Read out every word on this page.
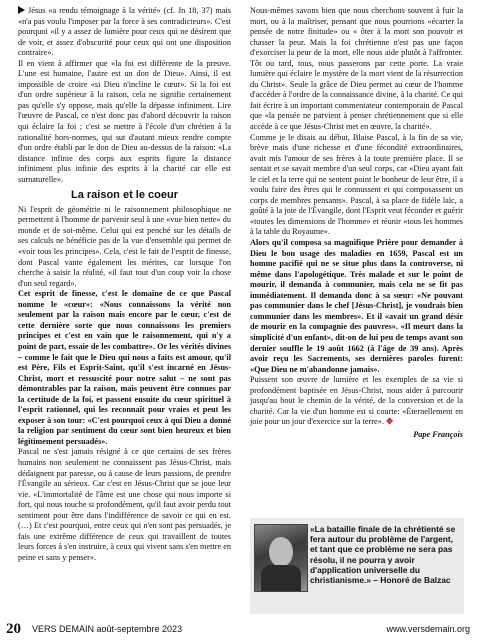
Jésus «a rendu témoignage à la vérité» (cf. Jn 18, 37) mais «n'a pas voulu l'imposer par la force à ses contradicteurs». C'est pourquoi «il y a assez de lumière pour ceux qui ne désirent que de voir, et assez d'obscurité pour ceux qui ont une disposition contraire».

Il en vient à affirmer que «la foi est différente de la preuve. L'une est humaine, l'autre est un don de Dieu». Ainsi, il est impossible de croire «si Dieu n'incline le cœur». Si la foi est d'un ordre supérieur à la raison, cela ne signifie certainement pas qu'elle s'y oppose, mais qu'elle la dépasse infiniment. Lire l'œuvre de Pascal, ce n'est donc pas d'abord découvrir la raison qui éclaire la foi ; c'est se mettre à l'école d'un chrétien à la rationalité hors-normes, qui sut d'autant mieux rendre compte d'un ordre établi par le don de Dieu au-dessus de la raison: «La distance infinie des corps aux esprits figure la distance infiniment plus infinie des esprits à la charité car elle est surnaturelle».

La raison et le coeur

Ni l'esprit de géométrie ni le raisonnement philosophique ne permettent à l'homme de parvenir seul à une «vue bien nette» du monde et de soi-même. Celui qui est penché sur les détails de ses calculs ne bénéficie pas de la vue d'ensemble qui permet de «voir tous les principes». Cela, c'est le fait de l'esprit de finesse, dont Pascal vante également les mérites, car lorsque l'on cherche à saisir la réalité, «il faut tout d'un coup voir la chose d'un seul regard».

Cet esprit de finesse, c'est le domaine de ce que Pascal nomme le «cœur»: «Nous connaissons la vérité non seulement par la raison mais encore par le cœur, c'est de cette dernière sorte que nous connaissons les premiers principes et c'est en vain que le raisonnement, qui n'y a point de part, essaie de les combattre». Or les vérités divines – comme le fait que le Dieu qui nous a faits est amour, qu'il est Père, Fils et Esprit-Saint, qu'il s'est incarné en Jésus-Christ, mort et ressuscité pour notre salut – ne sont pas démontrables par la raison, mais peuvent être connues par la certitude de la foi, et passent ensuite du cœur spirituel à l'esprit rationnel, qui les reconnaît pour vraies et peut les exposer à son tour: «C'est pourquoi ceux à qui Dieu a donné la religion par sentiment du cœur sont bien heureux et bien légitimement persuadés».

Pascal ne s'est jamais résigné à ce que certains de ses frères humains non seulement ne connaissent pas Jésus-Christ, mais dédaignent par paresse, ou à cause de leurs passions, de prendre l'Évangile au sérieux. Car c'est en Jésus-Christ que se joue leur vie. «L'immortalité de l'âme est une chose qui nous importe si fort, qui nous touche si profondément, qu'il faut avoir perdu tout sentiment pour être dans l'indifférence de savoir ce qui en est. (…) Et c'est pourquoi, entre ceux qui n'en sont pas persuadés, je fais une extrême différence de ceux qui travaillent de toutes leurs forces à s'en instruire, à ceux qui vivent sans s'en mettre en peine et sans y penser».

Nous-mêmes savons bien que nous cherchons souvent à fuir la mort, ou à la maîtriser, pensant que nous pourrions «écarter la pensée de notre finitude» ou « ôter à la mort son pouvoir et chasser la peur. Mais la foi chrétienne n'est pas une façon d'exorciser la peur de la mort, elle nous aide plutôt à l'affronter. Tôt ou tard, tous, nous passerons par cette porte. La vraie lumière qui éclaire le mystère de la mort vient de la résurrection du Christ». Seule la grâce de Dieu permet au cœur de l'homme d'accéder à l'ordre de la connaissance divine, à la charité. Ce qui fait écrire à un important commentateur contemporain de Pascal que «la pensée ne parvient à penser chrétiennement que si elle accède à ce que Jésus-Christ met en œuvre, la charité».

Comme je le disais au début, Blaise Pascal, à la fin de sa vie, brève mais d'une richesse et d'une fécondité extraordinaires, avait mis l'amour de ses frères à la toute première place. Il se sentait et se savait membre d'un seul corps, car «Dieu ayant fait le ciel et la terre qui ne sentent point le bonheur de leur être, il a voulu faire des êtres qui le connussent et qui composassent un corps de membres pensants». Pascal, à sa place de fidèle laïc, a goûté à la joie de l'Évangile, dont l'Esprit veut féconder et guérir «toutes les dimensions de l'homme» et réunir «tous les hommes à la table du Royaume».

Alors qu'il composa sa magnifique Prière pour demander à Dieu le bon usage des maladies en 1659, Pascal est un homme pacifié qui ne se situe plus dans la controverse, ni même dans l'apologétique. Très malade et sur le point de mourir, il demanda à communier, mais cela ne se fit pas immédiatement. Il demanda donc à sa sœur: «Ne pouvant pas communier dans le chef [Jésus-Christ], je voudrais bien communier dans les membres». Et il «avait un grand désir de mourir en la compagnie des pauvres». «Il meurt dans la simplicité d'un enfant», dit-on de lui peu de temps avant son dernier souffle le 19 août 1662 (à l'âge de 39 ans). Après avoir reçu les Sacrements, ses dernières paroles furent: «Que Dieu ne m'abandonne jamais».

Puissent son œuvre de lumière et les exemples de sa vie si profondément baptisée en Jésus-Christ, nous aider à parcourir jusqu'au bout le chemin de la vérité, de la conversion et de la charité. Car la vie d'un homme est si courte: «Éternellement en joie pour un jour d'exercice sur la terre». ✥

Pape François
«La bataille finale de la chrétienté se fera autour du problème de l'argent, et tant que ce problème ne sera pas résolu, il ne pourra y avoir d'application universelle du christianisme.» – Honoré de Balzac
20 VERS DEMAIN août-septembre 2023	www.versdemain.org
